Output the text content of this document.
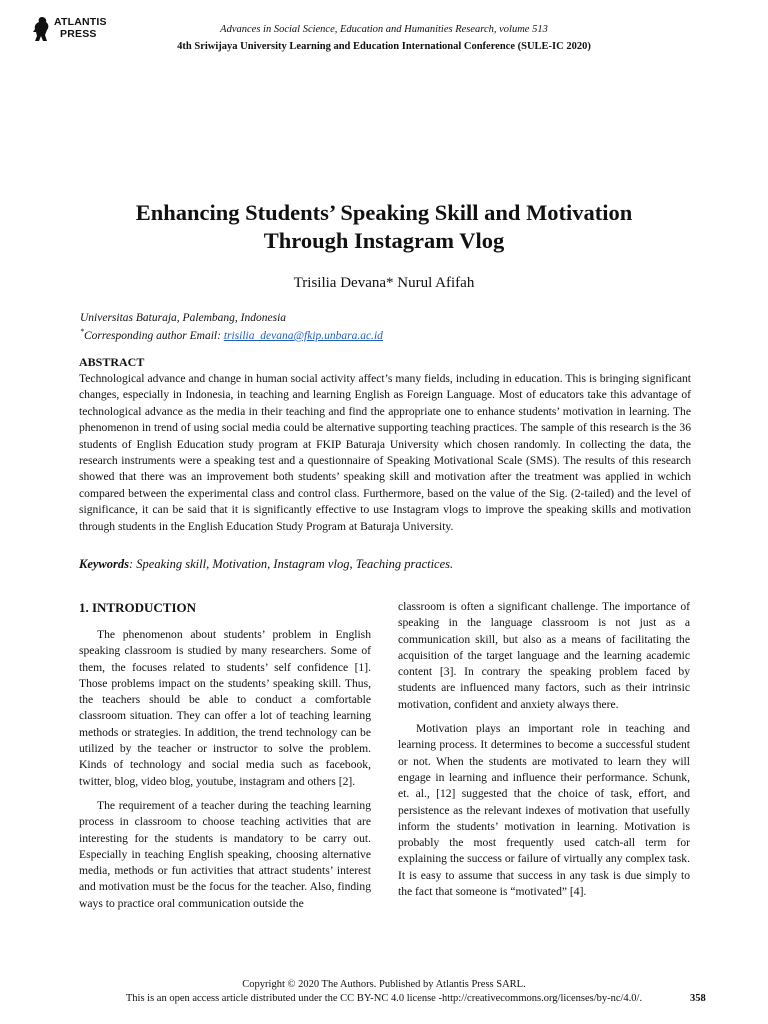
ATLANTIS
PRESS	Advances in Social Science, Education and Humanities Research, volume 513
4th Sriwijaya University Learning and Education International Conference (SULE-IC 2020)
Enhancing Students’ Speaking Skill and Motivation
Through Instagram Vlog
Trisilia Devana* Nurul Afifah
Universitas Baturaja, Palembang, Indonesia
*Corresponding author Email: trisilia_devana@fkip.unbara.ac.id
ABSTRACT
Technological advance and change in human social activity affect’s many fields, including in education. This is bringing significant changes, especially in Indonesia, in teaching and learning English as Foreign Language. Most of educators take this advantage of technological advance as the media in their teaching and find the appropriate one to enhance students’ motivation in learning. The phenomenon in trend of using social media could be alternative supporting teaching practices. The sample of this research is the 36 students of English Education study program at FKIP Baturaja University which chosen randomly. In collecting the data, the research instruments were a speaking test and a questionnaire of Speaking Motivational Scale (SMS). The results of this research showed that there was an improvement both students’ speaking skill and motivation after the treatment was applied in wchich compared between the experimental class and control class. Furthermore, based on the value of the Sig. (2-tailed) and the level of significance, it can be said that it is significantly effective to use Instagram vlogs to improve the speaking skills and motivation through students in the English Education Study Program at Baturaja University.
Keywords: Speaking skill, Motivation, Instagram vlog, Teaching practices.
1. INTRODUCTION

The phenomenon about students’ problem in English speaking classroom is studied by many researchers. Some of them, the focuses related to students’ self confidence [1]. Those problems impact on the students’ speaking skill. Thus, the teachers should be able to conduct a comfortable classroom situation. They can offer a lot of teaching learning methods or strategies. In addition, the trend technology can be utilized by the teacher or instructor to solve the problem. Kinds of technology and social media such as facebook, twitter, blog, video blog, youtube, instagram and others [2].

The requirement of a teacher during the teaching learning process in classroom to choose teaching activities that are interesting for the students is mandatory to be carry out. Especially in teaching English speaking, choosing alternative media, methods or fun activities that attract students’ interest and motivation must be the focus for the teacher. Also, finding ways to practice oral communication outside the

classroom is often a significant challenge. The importance of speaking in the language classroom is not just as a communication skill, but also as a means of facilitating the acquisition of the target language and the learning academic content [3]. In contrary the speaking problem faced by students are influenced many factors, such as their intrinsic motivation, confident and anxiety always there.

Motivation plays an important role in teaching and learning process. It determines to become a successful student or not. When the students are motivated to learn they will engage in learning and influence their performance. Schunk, et. al., [12] suggested that the choice of task, effort, and persistence as the relevant indexes of motivation that usefully inform the students’ motivation in learning. Motivation is probably the most frequently used catch-all term for explaining the success or failure of virtually any complex task. It is easy to assume that success in any task is due simply to the fact that someone is “motivated” [4].

Copyright © 2020 The Authors. Published by Atlantis Press SARL.
This is an open access article distributed under the CC BY-NC 4.0 license -http://creativecommons.org/licenses/by-nc/4.0/.	358
